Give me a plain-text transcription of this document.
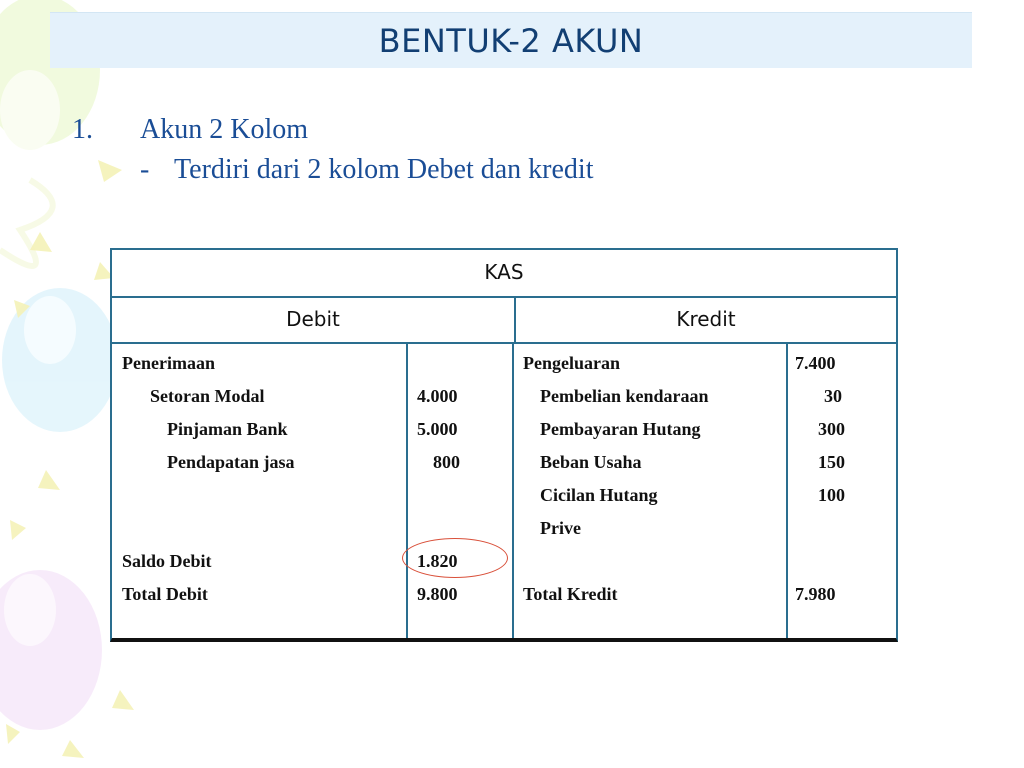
BENTUK-2 AKUN
1. Akun 2 Kolom
- Terdiri dari 2 kolom Debet dan kredit
KAS
Debit	Kredit
Penerimaan
Setoran Modal
Pinjaman Bank
Pendapatan jasa
Saldo Debit
Total Debit
4.000
5.000
800
1.820
9.800
Pengeluaran
Pembelian kendaraan
Pembayaran Hutang
Beban Usaha
Cicilan Hutang
Prive
Total Kredit
7.400
30
300
150
100
7.980
